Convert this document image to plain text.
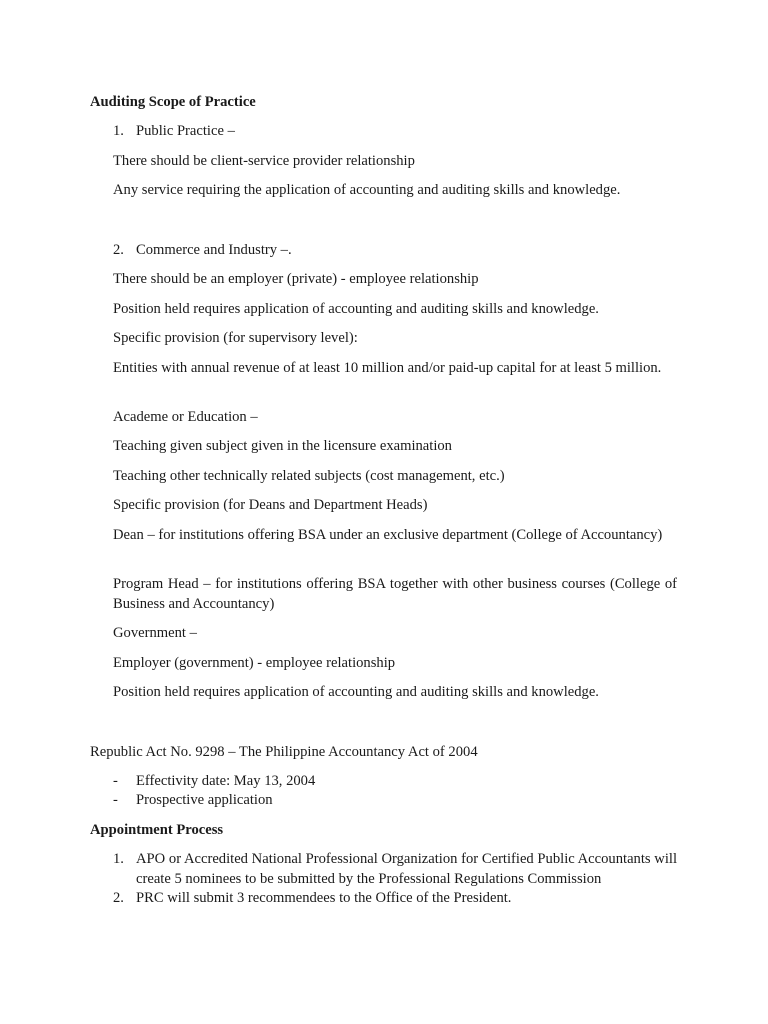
Auditing Scope of Practice
1. Public Practice –
There should be client-service provider relationship
Any service requiring the application of accounting and auditing skills and knowledge.
2. Commerce and Industry –.
There should be an employer (private) - employee relationship
Position held requires application of accounting and auditing skills and knowledge.
Specific provision (for supervisory level):
Entities with annual revenue of at least 10 million and/or paid-up capital for at least 5 million.
Academe or Education –
Teaching given subject given in the licensure examination
Teaching other technically related subjects (cost management, etc.)
Specific provision (for Deans and Department Heads)
Dean – for institutions offering BSA under an exclusive department (College of Accountancy)
Program Head – for institutions offering BSA together with other business courses (College of Business and Accountancy)
Government –
Employer (government) - employee relationship
Position held requires application of accounting and auditing skills and knowledge.
Republic Act No. 9298 – The Philippine Accountancy Act of 2004
- Effectivity date: May 13, 2004
- Prospective application
Appointment Process
1. APO or Accredited National Professional Organization for Certified Public Accountants will create 5 nominees to be submitted by the Professional Regulations Commission
2. PRC will submit 3 recommendees to the Office of the President.
